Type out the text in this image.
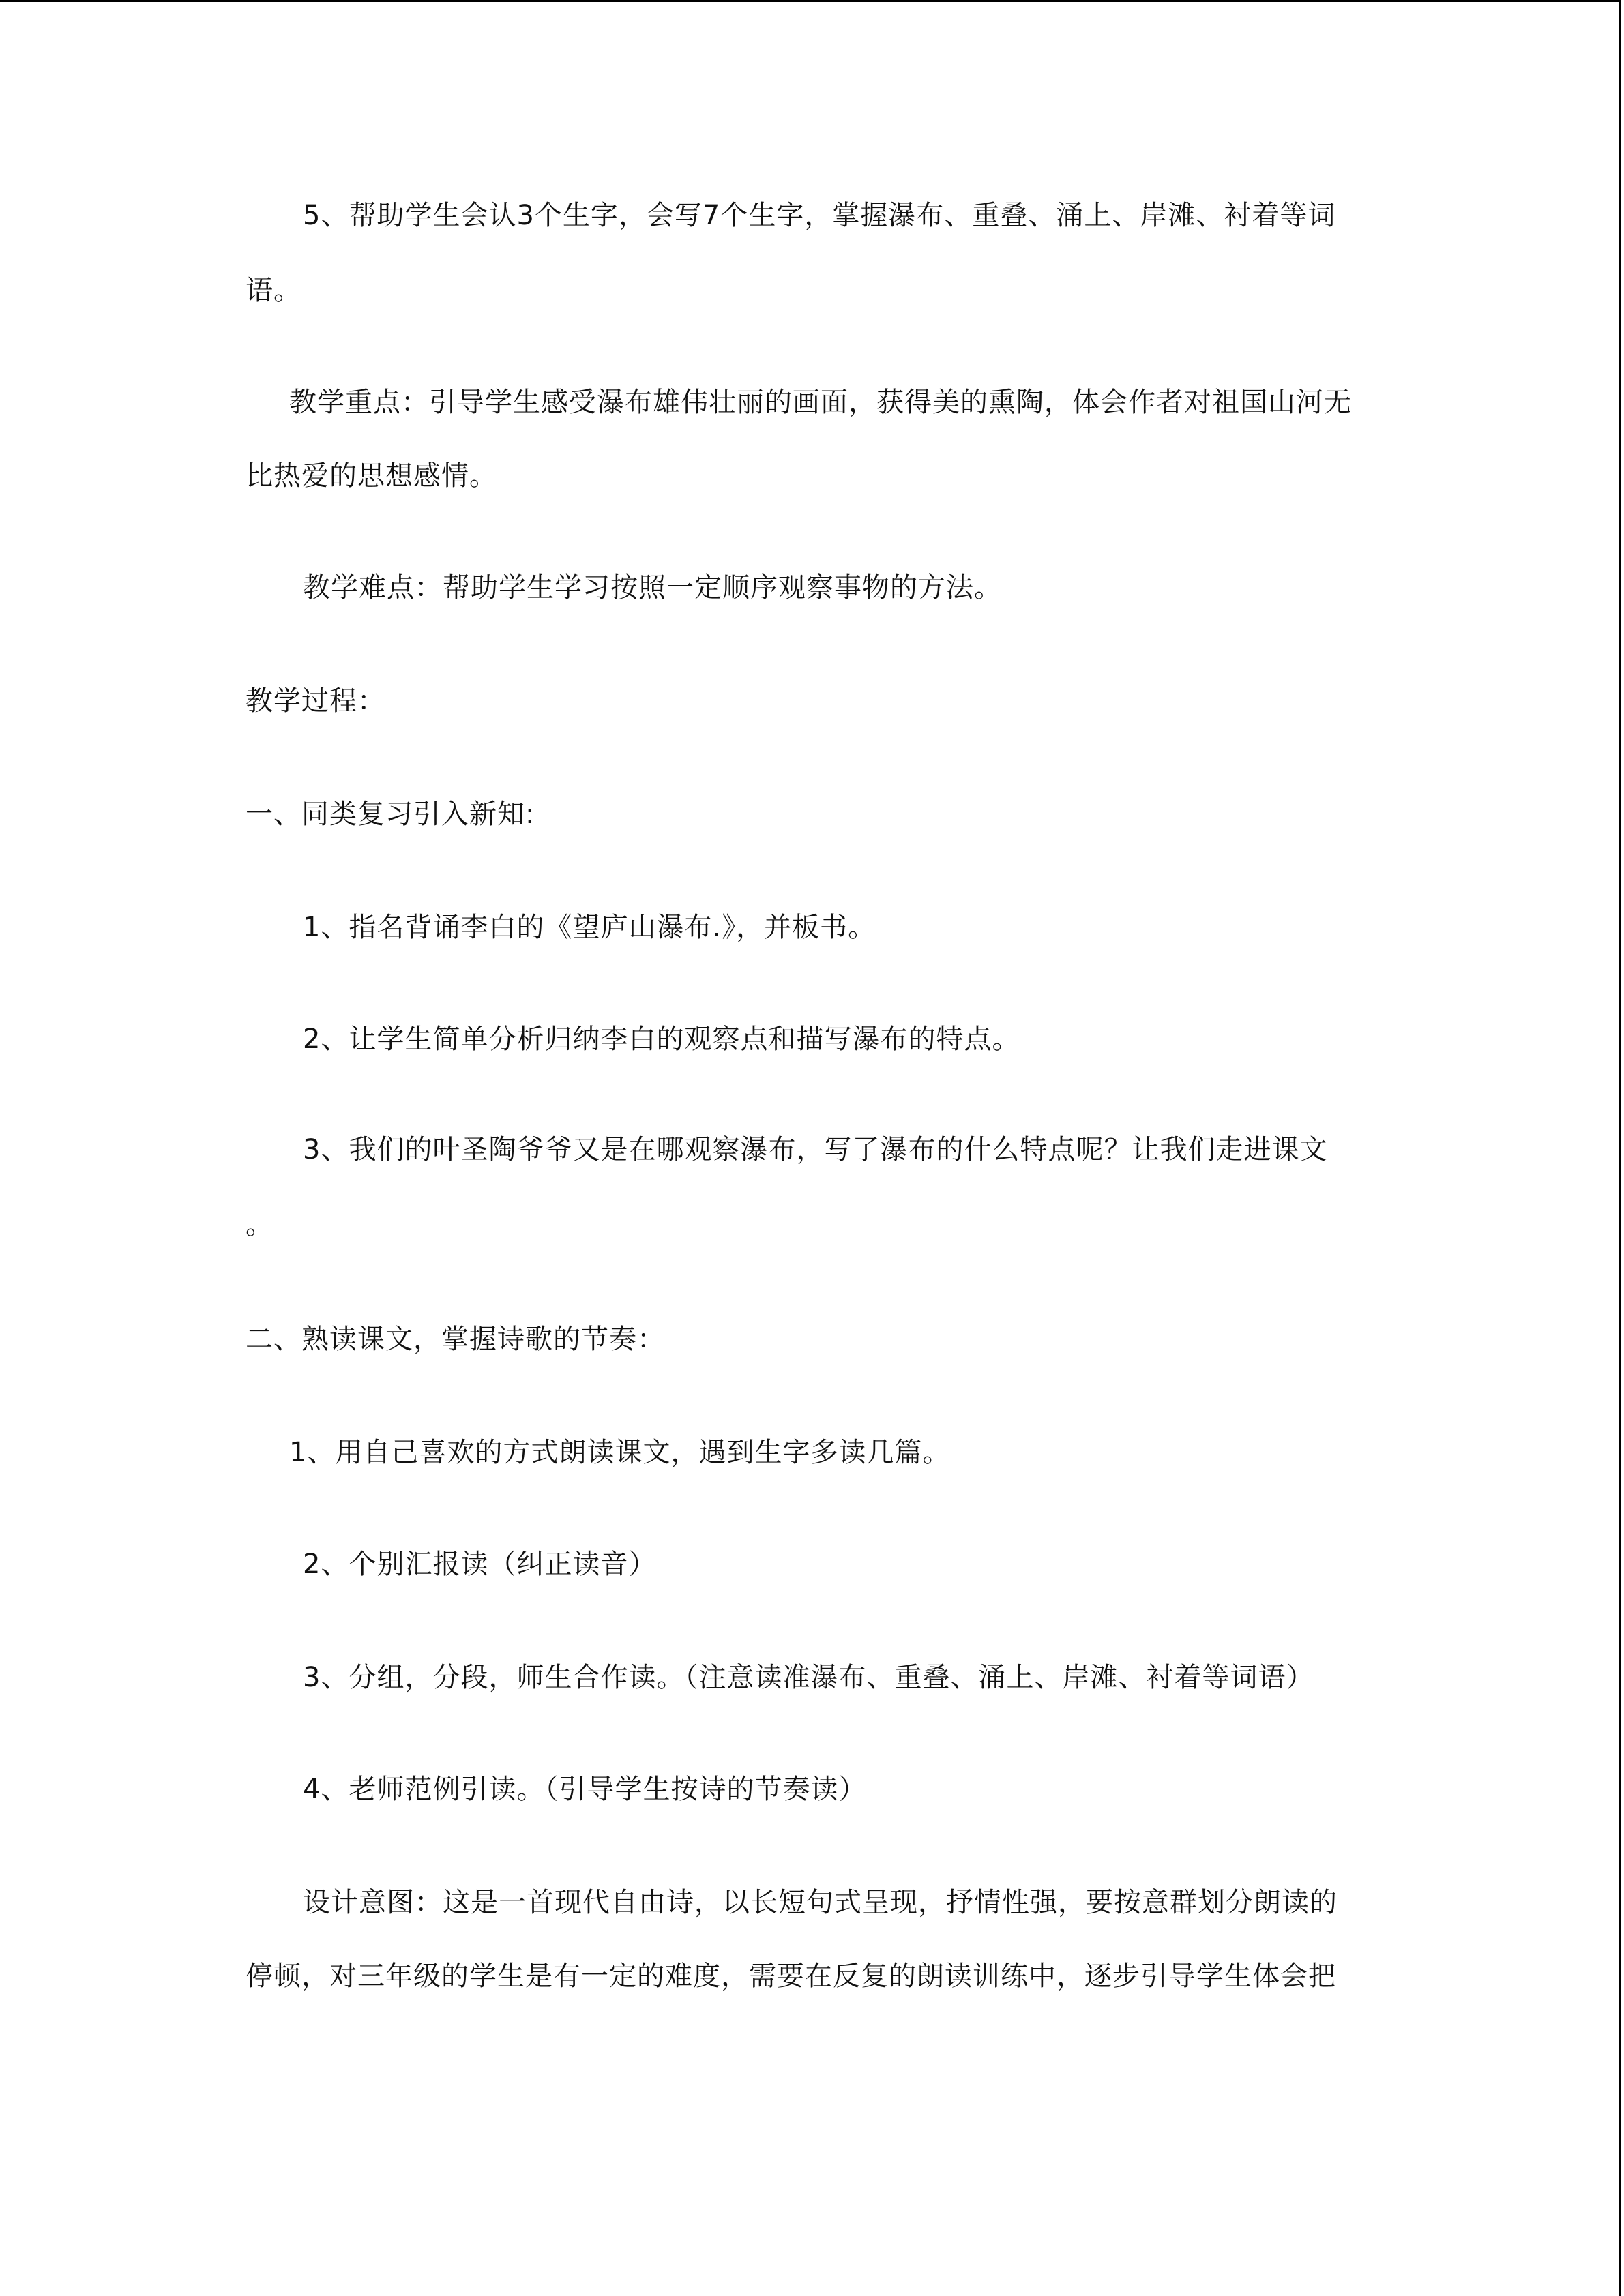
5、帮助学生会认3个生字，会写7个生字，掌握瀑布、重叠、涌上、岸滩、衬着等词
语。
教学重点：引导学生感受瀑布雄伟壮丽的画面，获得美的熏陶，体会作者对祖国山河无
比热爱的思想感情。
教学难点：帮助学生学习按照一定顺序观察事物的方法。
教学过程：
一、同类复习引入新知:
1、指名背诵李白的《望庐山瀑布.》，并板书。
2、让学生简单分析归纳李白的观察点和描写瀑布的特点。
3、我们的叶圣陶爷爷又是在哪观察瀑布，写了瀑布的什么特点呢？让我们走进课文
。
二、熟读课文，掌握诗歌的节奏：
1、用自己喜欢的方式朗读课文，遇到生字多读几篇。
2、个别汇报读（纠正读音）
3、分组，分段，师生合作读。（注意读准瀑布、重叠、涌上、岸滩、衬着等词语）
4、老师范例引读。（引导学生按诗的节奏读）
设计意图：这是一首现代自由诗，以长短句式呈现，抒情性强，要按意群划分朗读的
停顿，对三年级的学生是有一定的难度，需要在反复的朗读训练中，逐步引导学生体会把
